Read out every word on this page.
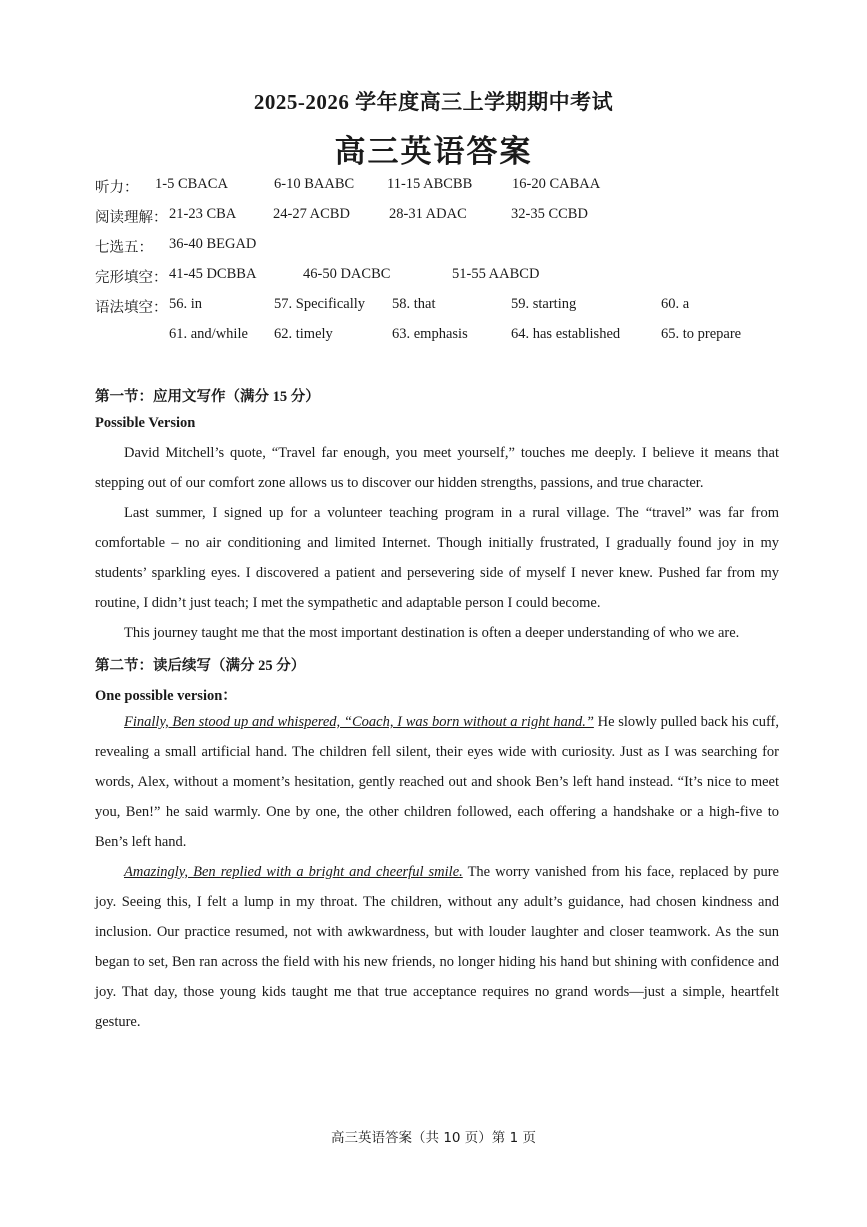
2025-2026 学年度高三上学期期中考试
高三英语答案
听力： 1-5 CBACA	6-10 BAABC 11-15 ABCBB	16-20 CABAA
阅读理解： 21-23 CBA	24-27 ACBD	28-31 ADAC	32-35 CCBD
七选五： 36-40 BEGAD
完形填空： 41-45 DCBBA	46-50 DACBC	51-55 AABCD
语法填空： 56. in	57. Specifically 58. that	59. starting	60. a
61. and/while 62. timely	63. emphasis	64. has established	65. to prepare
第一节：应用文写作（满分 15 分）
Possible Version

David Mitchell’s quote, “Travel far enough, you meet yourself,” touches me deeply. I believe it means that stepping out of our comfort zone allows us to discover our hidden strengths, passions, and true character.

Last summer, I signed up for a volunteer teaching program in a rural village. The “travel” was far from comfortable – no air conditioning and limited Internet. Though initially frustrated, I gradually found joy in my students’ sparkling eyes. I discovered a patient and persevering side of myself I never knew. Pushed far from my routine, I didn’t just teach; I met the sympathetic and adaptable person I could become.

This journey taught me that the most important destination is often a deeper understanding of who we are.

第二节：读后续写（满分 25 分）
One possible version：

Finally, Ben stood up and whispered, “Coach, I was born without a right hand.” He slowly pulled back his cuff, revealing a small artificial hand. The children fell silent, their eyes wide with curiosity. Just as I was searching for words, Alex, without a moment’s hesitation, gently reached out and shook Ben’s left hand instead. “It’s nice to meet you, Ben!” he said warmly. One by one, the other children followed, each offering a handshake or a high-five to Ben’s left hand.

Amazingly, Ben replied with a bright and cheerful smile. The worry vanished from his face, replaced by pure joy. Seeing this, I felt a lump in my throat. The children, without any adult’s guidance, had chosen kindness and inclusion. Our practice resumed, not with awkwardness, but with louder laughter and closer teamwork. As the sun began to set, Ben ran across the field with his new friends, no longer hiding his hand but shining with confidence and joy. That day, those young kids taught me that true acceptance requires no grand words—just a simple, heartfelt gesture.

高三英语答案（共 10 页）第 1 页
